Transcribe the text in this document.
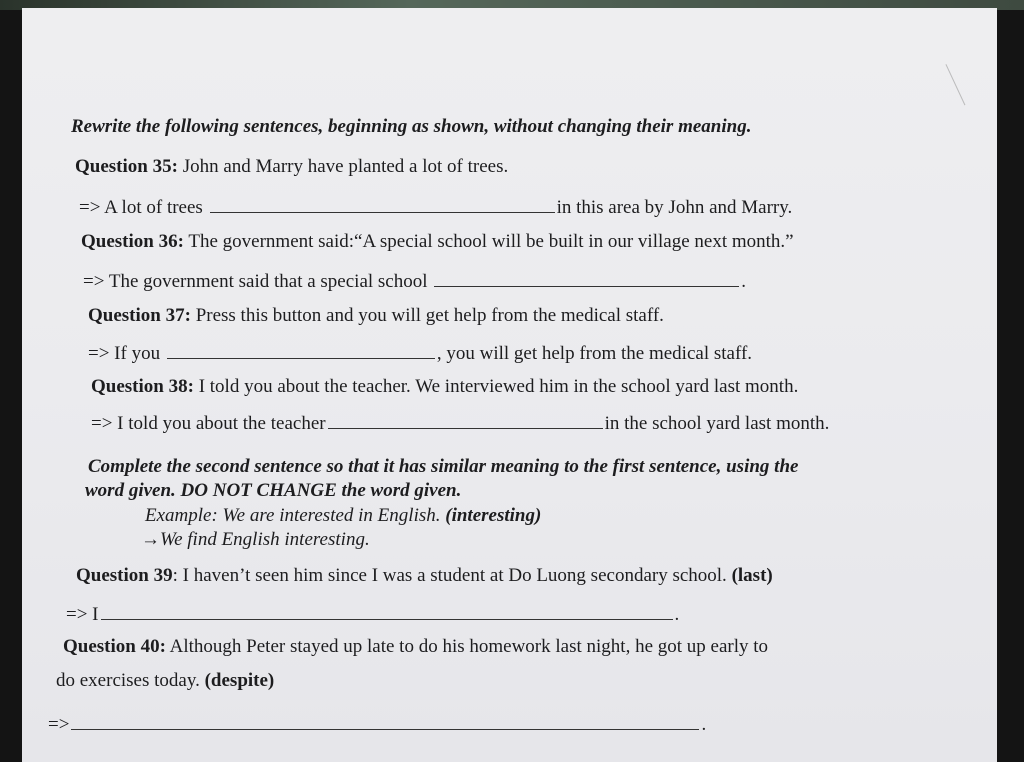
Rewrite the following sentences, beginning as shown, without changing their meaning.
Question 35: John and Marry have planted a lot of trees.
=> A lot of trees	in this area by John and Marry.
Question 36: The government said:“A special school will be built in our village next month.”
=> The government said that a special school	.
Question 37: Press this button and you will get help from the medical staff.
=> If you	, you will get help from the medical staff.
Question 38: I told you about the teacher. We interviewed him in the school yard last month.
=> I told you about the teacher	in the school yard last month.
Complete the second sentence so that it has similar meaning to the first sentence, using the
word given. DO NOT CHANGE the word given.
Example: We are interested in English. (interesting)
→We find English interesting.
Question 39: I haven’t seen him since I was a student at Do Luong secondary school. (last)
=> I	.
Question 40: Although Peter stayed up late to do his homework last night, he got up early to
do exercises today. (despite)
=>	.
